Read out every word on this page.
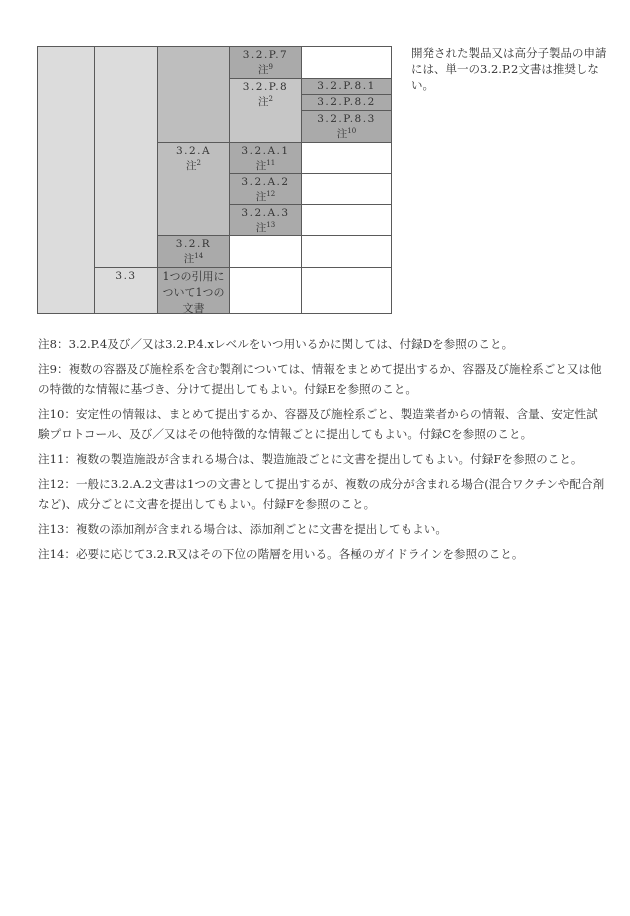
3.3
3.2.A
注$^2$
3.2.R
注$^{14}$
1つの引用について1つの文書
3.2.P.7
注$^9$
3.2.P.8
注$^2$
3.2.A.1
注$^{11}$
3.2.A.2
注$^{12}$
3.2.A.3
注$^{13}$
3.2.P.8.1
3.2.P.8.2
3.2.P.8.3
注$^{10}$
開発された製品又は高分子製品の申請には、単一の3.2.P.2文書は推奨しない。

注8：3.2.P.4及び／又は3.2.P.4.xレベルをいつ用いるかに関しては、付録Dを参照のこと。

注9：複数の容器及び施栓系を含む製剤については、情報をまとめて提出するか、容器及び施栓系ごと又は他の特徴的な情報に基づき、分けて提出してもよい。付録Eを参照のこと。

注10：安定性の情報は、まとめて提出するか、容器及び施栓系ごと、製造業者からの情報、含量、安定性試験プロトコール、及び／又はその他特徴的な情報ごとに提出してもよい。付録Cを参照のこと。

注11：複数の製造施設が含まれる場合は、製造施設ごとに文書を提出してもよい。付録Fを参照のこと。

注12：一般に3.2.A.2文書は1つの文書として提出するが、複数の成分が含まれる場合(混合ワクチンや配合剤など)、成分ごとに文書を提出してもよい。付録Fを参照のこと。

注13：複数の添加剤が含まれる場合は、添加剤ごとに文書を提出してもよい。

注14：必要に応じて3.2.R又はその下位の階層を用いる。各極のガイドラインを参照のこと。
